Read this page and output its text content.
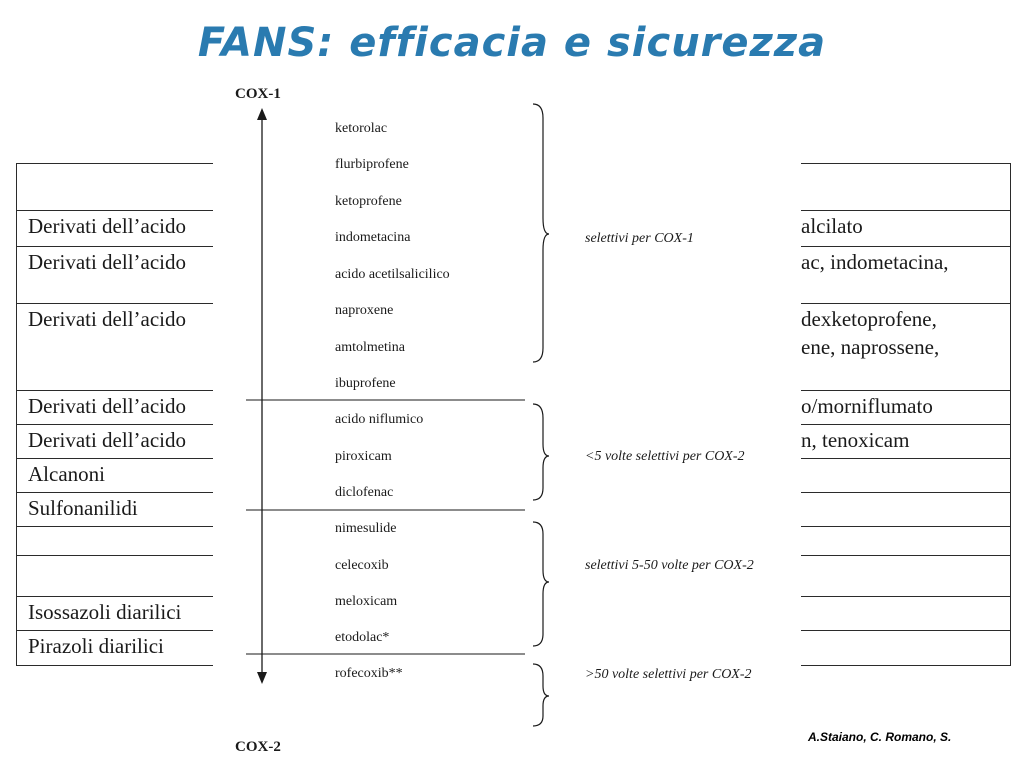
FANS: efficacia e sicurezza
Derivati dell’acido	alcilato
Derivati dell’acido	ac, indometacina,
Derivati dell’acido	dexketoprofene,
ene, naprossene,
Derivati dell’acido	o/morniflumato
Derivati dell’acido	n, tenoxicam
Alcanoni
Sulfonanilidi
Isossazoli diarilici
Pirazoli diarilici
COX-1
COX-2
ketorolac
flurbiprofene
ketoprofene
indometacina
acido acetilsalicilico
naproxene
amtolmetina
ibuprofene
acido niflumico
piroxicam
diclofenac
nimesulide
celecoxib
meloxicam
etodolac*
rofecoxib**
selettivi per COX-1
<5 volte selettivi per COX-2
selettivi 5-50 volte per COX-2
>50 volte selettivi per COX-2
A.Staiano, C. Romano, S.
